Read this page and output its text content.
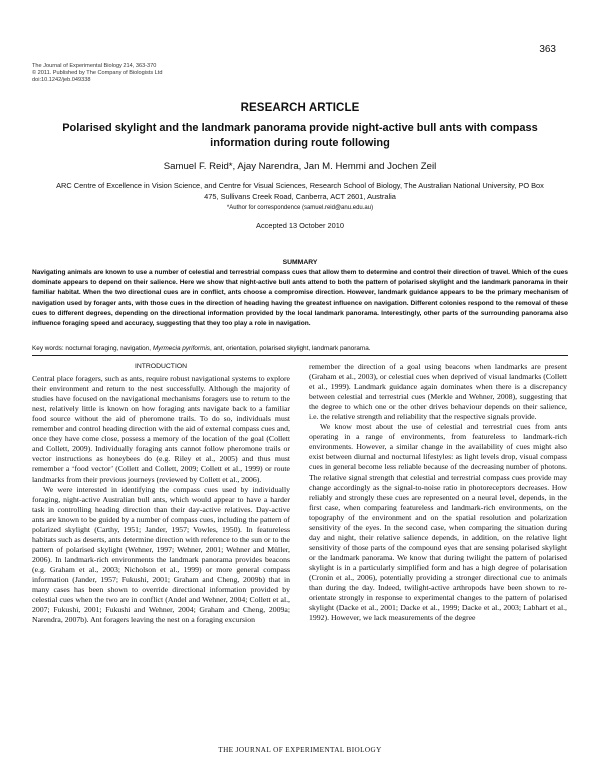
363
The Journal of Experimental Biology 214, 363-370
© 2011. Published by The Company of Biologists Ltd
doi:10.1242/jeb.049338
RESEARCH ARTICLE
Polarised skylight and the landmark panorama provide night-active bull ants with compass information during route following
Samuel F. Reid*, Ajay Narendra, Jan M. Hemmi and Jochen Zeil
ARC Centre of Excellence in Vision Science, and Centre for Visual Sciences, Research School of Biology, The Australian National University, PO Box 475, Sullivans Creek Road, Canberra, ACT 2601, Australia
*Author for correspondence (samuel.reid@anu.edu.au)
Accepted 13 October 2010
SUMMARY
Navigating animals are known to use a number of celestial and terrestrial compass cues that allow them to determine and control their direction of travel. Which of the cues dominate appears to depend on their salience. Here we show that night-active bull ants attend to both the pattern of polarised skylight and the landmark panorama in their familiar habitat. When the two directional cues are in conflict, ants choose a compromise direction. However, landmark guidance appears to be the primary mechanism of navigation used by forager ants, with those cues in the direction of heading having the greatest influence on navigation. Different colonies respond to the removal of these cues to different degrees, depending on the directional information provided by the local landmark panorama. Interestingly, other parts of the surrounding panorama also influence foraging speed and accuracy, suggesting that they too play a role in navigation.
Key words: nocturnal foraging, navigation, Myrmecia pyriformis, ant, orientation, polarised skylight, landmark panorama.
INTRODUCTION

Central place foragers, such as ants, require robust navigational systems to explore their environment and return to the nest successfully. Although the majority of studies have focused on the navigational mechanisms foragers use to return to the nest, relatively little is known on how foraging ants navigate back to a familiar food source without the aid of pheromone trails. To do so, individuals must remember and control heading direction with the aid of external compass cues and, once they have come close, possess a memory of the location of the goal (Collett and Collett, 2009). Individually foraging ants cannot follow pheromone trails or vector instructions as honeybees do (e.g. Riley et al., 2005) and thus must remember a ‘food vector’ (Collett and Collett, 2009; Collett et al., 1999) or route landmarks from their previous journeys (reviewed by Collett et al., 2006).

We were interested in identifying the compass cues used by individually foraging, night-active Australian bull ants, which would appear to have a harder task in controlling heading direction than their day-active relatives. Day-active ants are known to be guided by a number of compass cues, including the pattern of polarized skylight (Carthy, 1951; Jander, 1957; Vowles, 1950). In featureless habitats such as deserts, ants determine direction with reference to the sun or to the pattern of polarised skylight (Wehner, 1997; Wehner, 2001; Wehner and Müller, 2006). In landmark-rich environments the landmark panorama provides beacons (e.g. Graham et al., 2003; Nicholson et al., 1999) or more general compass information (Jander, 1957; Fukushi, 2001; Graham and Cheng, 2009b) that in many cases has been shown to override directional information provided by celestial cues when the two are in conflict (Andel and Wehner, 2004; Collett et al., 2007; Fukushi, 2001; Fukushi and Wehner, 2004; Graham and Cheng, 2009a; Narendra, 2007b). Ant foragers leaving the nest on a foraging excursion

remember the direction of a goal using beacons when landmarks are present (Graham et al., 2003), or celestial cues when deprived of visual landmarks (Collett et al., 1999). Landmark guidance again dominates when there is a discrepancy between celestial and terrestrial cues (Merkle and Wehner, 2008), suggesting that the degree to which one or the other drives behaviour depends on their salience, i.e. the relative strength and reliability that the respective signals provide.

We know most about the use of celestial and terrestrial cues from ants operating in a range of environments, from featureless to landmark-rich environments. However, a similar change in the availability of cues might also exist between diurnal and nocturnal lifestyles: as light levels drop, visual compass cues in general become less reliable because of the decreasing number of photons. The relative signal strength that celestial and terrestrial compass cues provide may change accordingly as the signal-to-noise ratio in photoreceptors decreases. How reliably and strongly these cues are represented on a neural level, depends, in the first case, when comparing featureless and landmark-rich environments, on the topography of the environment and on the spatial resolution and polarization sensitivity of the eyes. In the second case, when comparing the situation during day and night, their relative salience depends, in addition, on the relative light sensitivity of those parts of the compound eyes that are sensing polarised skylight or the landmark panorama. We know that during twilight the pattern of polarised skylight is in a particularly simplified form and has a high degree of polarisation (Cronin et al., 2006), potentially providing a stronger directional cue to animals than during the day. Indeed, twilight-active arthropods have been shown to re-orientate strongly in response to experimental changes to the pattern of polarised skylight (Dacke et al., 2001; Dacke et al., 1999; Dacke et al., 2003; Labhart et al., 1992). However, we lack measurements of the degree

THE JOURNAL OF EXPERIMENTAL BIOLOGY
